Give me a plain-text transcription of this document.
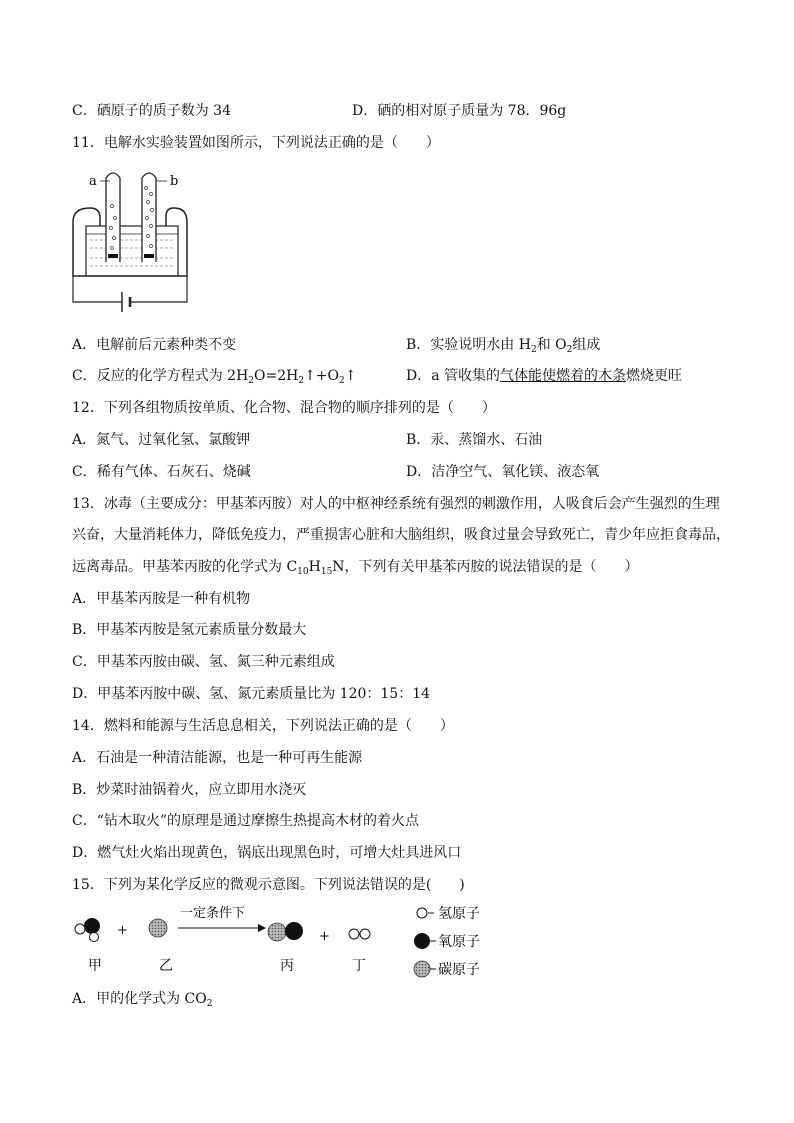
C．硒原子的质子数为 34	D．硒的相对原子质量为 78．96g
11．电解水实验装置如图所示，下列说法正确的是（　　）
a	b
A．电解前后元素种类不变	B．实验说明水由 $H_2$和 $O_2$组成
C．反应的化学方程式为 $2H_2O=2H_2↑+O_2↑$	D．a 管收集的气体能使燃着的木条燃烧更旺
12．下列各组物质按单质、化合物、混合物的顺序排列的是（　　）
A．氮气、过氧化氢、氯酸钾	B．汞、蒸馏水、石油
C．稀有气体、石灰石、烧碱	D．洁净空气、氧化镁、液态氧
13．冰毒（主要成分：甲基苯丙胺）对人的中枢神经系统有强烈的刺激作用，人吸食后会产生强烈的生理
兴奋，大量消耗体力，降低免疫力，严重损害心脏和大脑组织，吸食过量会导致死亡，青少年应拒食毒品，
远离毒品。甲基苯丙胺的化学式为 $C_{10}H_{15}N$，下列有关甲基苯丙胺的说法错误的是（　　）
A．甲基苯丙胺是一种有机物
B．甲基苯丙胺是氢元素质量分数最大
C．甲基苯丙胺由碳、氢、氮三种元素组成
D．甲基苯丙胺中碳、氢、氮元素质量比为 120：15：14
14．燃料和能源与生活息息相关，下列说法正确的是（　　）
A．石油是一种清洁能源，也是一种可再生能源
B．炒菜时油锅着火，应立即用水浇灭
C．“钻木取火”的原理是通过摩擦生热提高木材的着火点
D．燃气灶火焰出现黄色，锅底出现黑色时，可增大灶具进风口
15．下列为某化学反应的微观示意图。下列说法错误的是(　　)
+
一定条件下
+
甲	乙	丙	丁
氢原子
氧原子
碳原子
A．甲的化学式为 $CO_2$
